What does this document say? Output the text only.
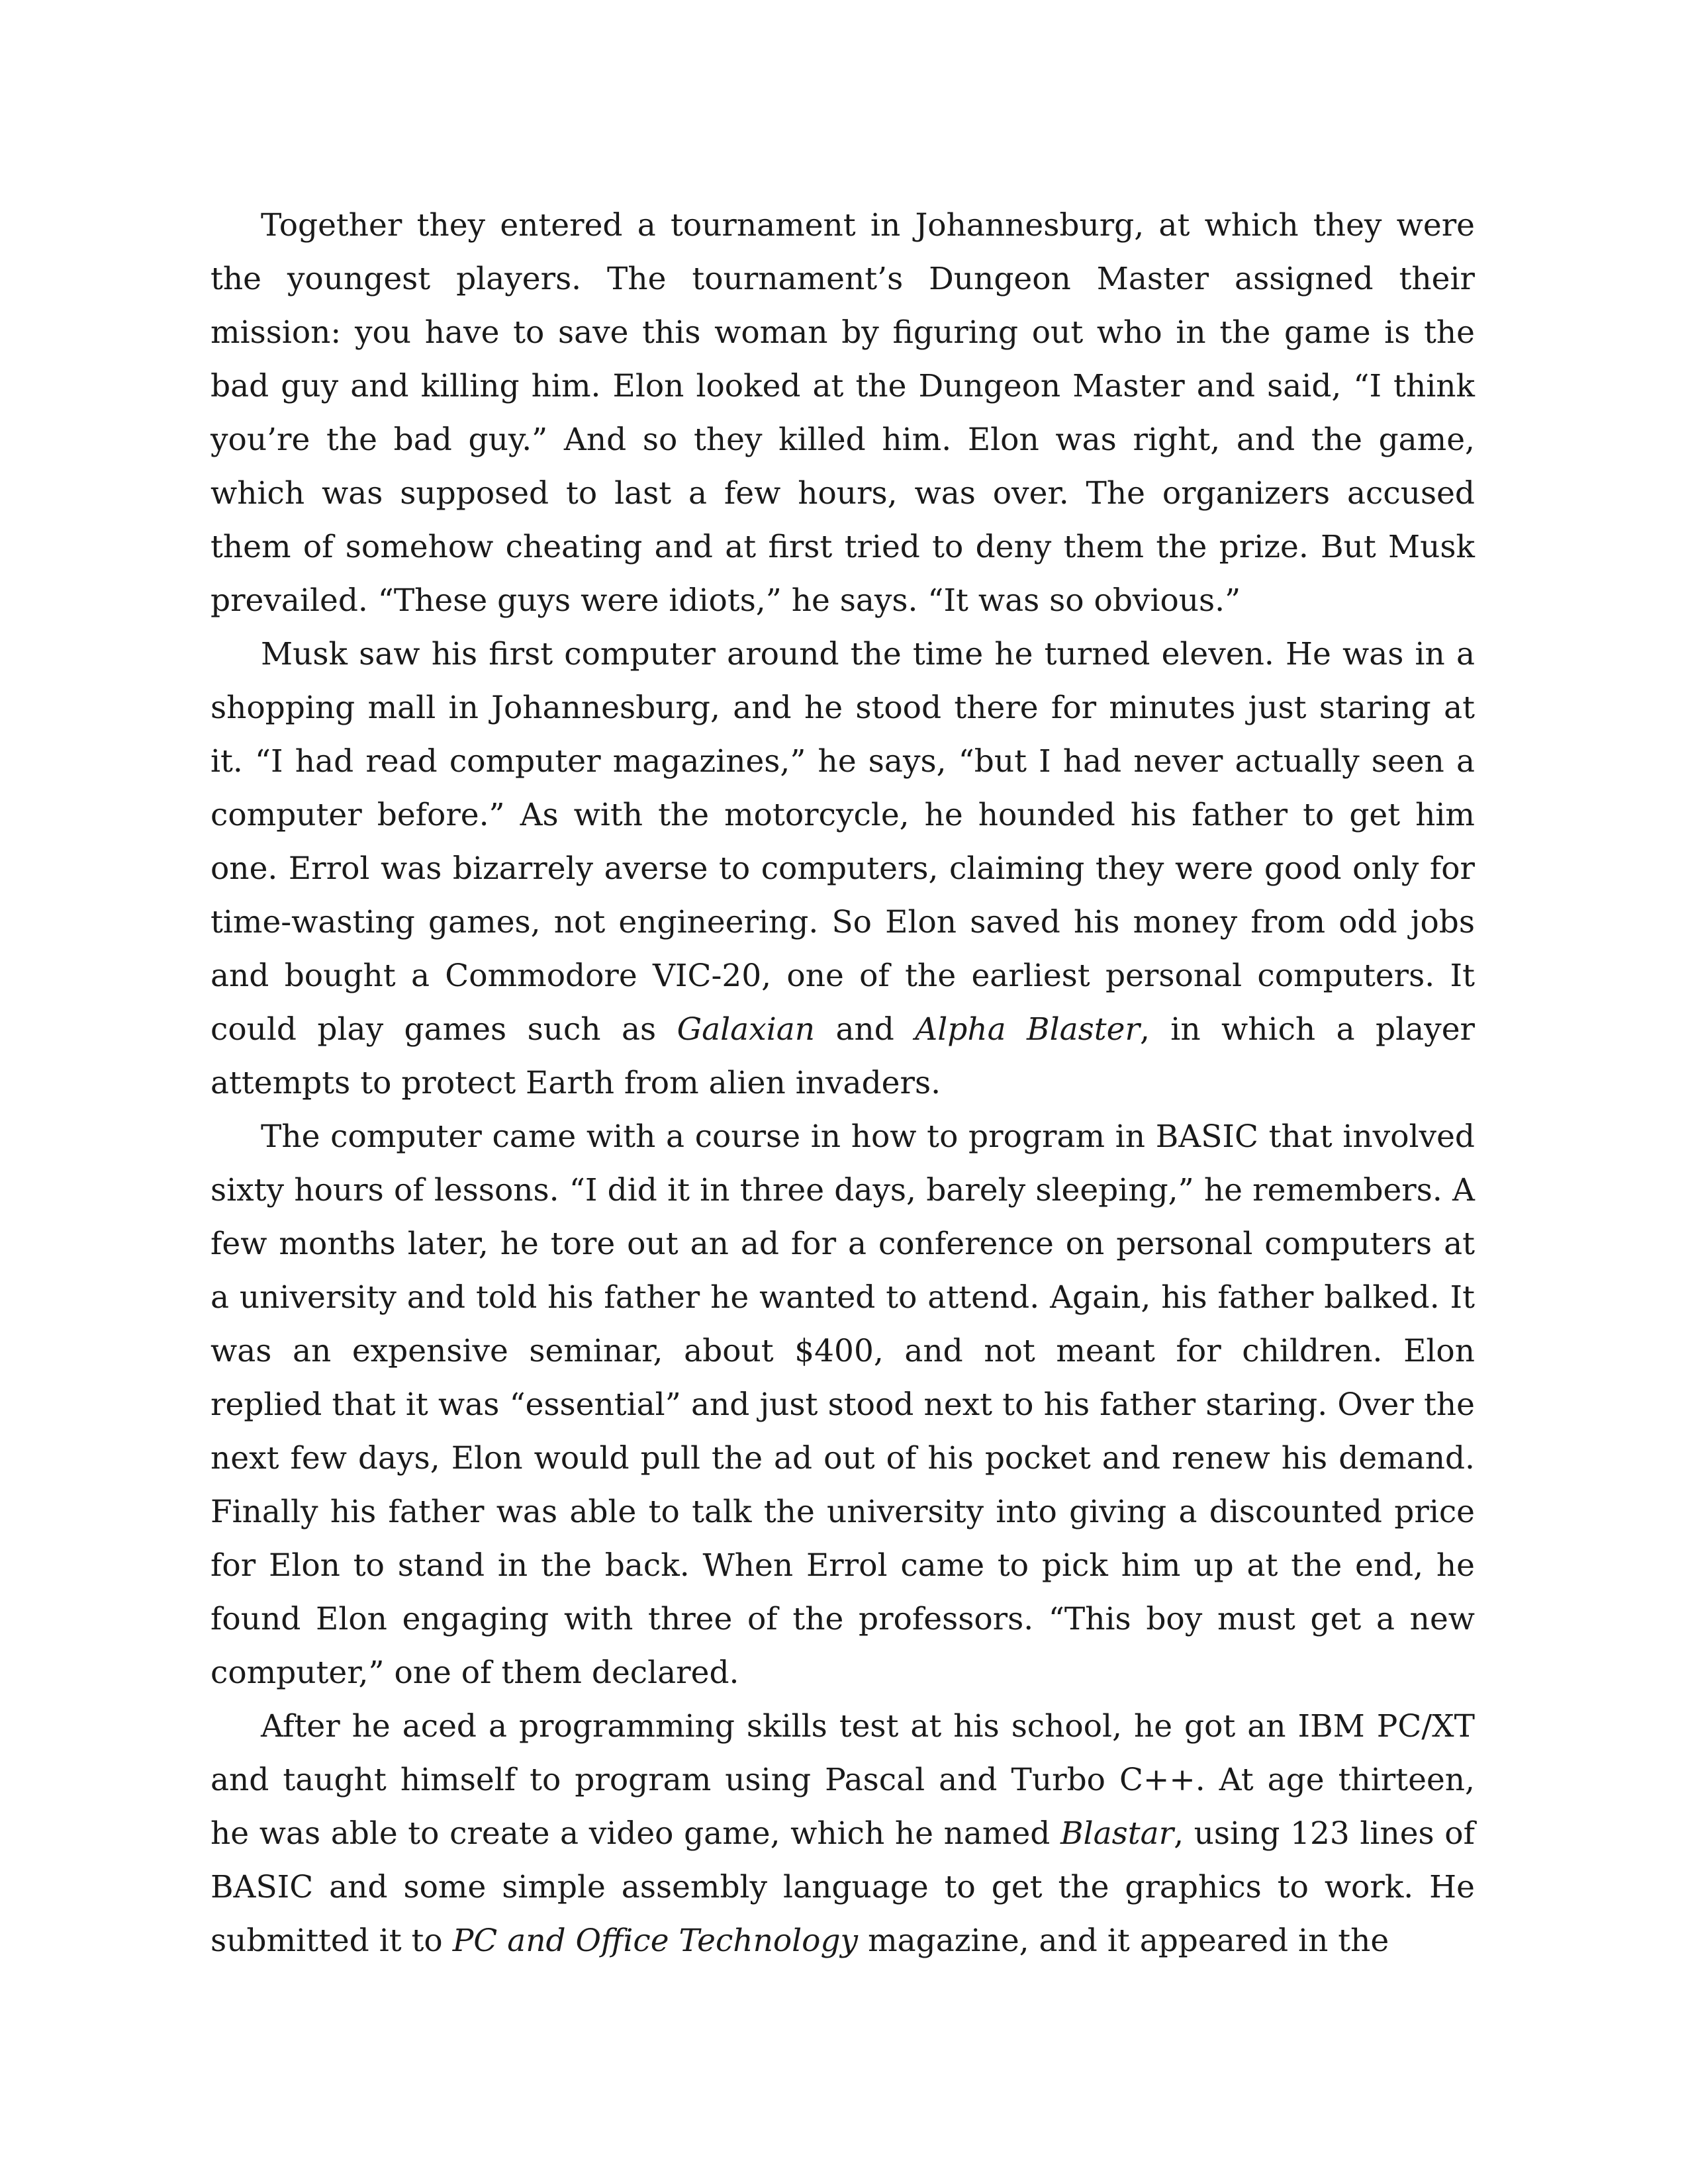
Together they entered a tournament in Johannesburg, at which they were the youngest players. The tournament’s Dungeon Master assigned their mission: you have to save this woman by figuring out who in the game is the bad guy and killing him. Elon looked at the Dungeon Master and said, “I think you’re the bad guy.” And so they killed him. Elon was right, and the game, which was supposed to last a few hours, was over. The organizers accused them of somehow cheating and at first tried to deny them the prize. But Musk prevailed. “These guys were idiots,” he says. “It was so obvious.”

Musk saw his first computer around the time he turned eleven. He was in a shopping mall in Johannesburg, and he stood there for minutes just staring at it. “I had read computer magazines,” he says, “but I had never actually seen a computer before.” As with the motorcycle, he hounded his father to get him one. Errol was bizarrely averse to computers, claiming they were good only for time-wasting games, not engineering. So Elon saved his money from odd jobs and bought a Commodore VIC-20, one of the earliest personal computers. It could play games such as Galaxian and Alpha Blaster, in which a player attempts to protect Earth from alien invaders.

The computer came with a course in how to program in BASIC that involved sixty hours of lessons. “I did it in three days, barely sleeping,” he remembers. A few months later, he tore out an ad for a conference on personal computers at a university and told his father he wanted to attend. Again, his father balked. It was an expensive seminar, about $400, and not meant for children. Elon replied that it was “essential” and just stood next to his father staring. Over the next few days, Elon would pull the ad out of his pocket and renew his demand. Finally his father was able to talk the university into giving a discounted price for Elon to stand in the back. When Errol came to pick him up at the end, he found Elon engaging with three of the professors. “This boy must get a new computer,” one of them declared.

After he aced a programming skills test at his school, he got an IBM PC/XT and taught himself to program using Pascal and Turbo C++. At age thirteen, he was able to create a video game, which he named Blastar, using 123 lines of BASIC and some simple assembly language to get the graphics to work. He submitted it to PC and Office Technology magazine, and it appeared in the
